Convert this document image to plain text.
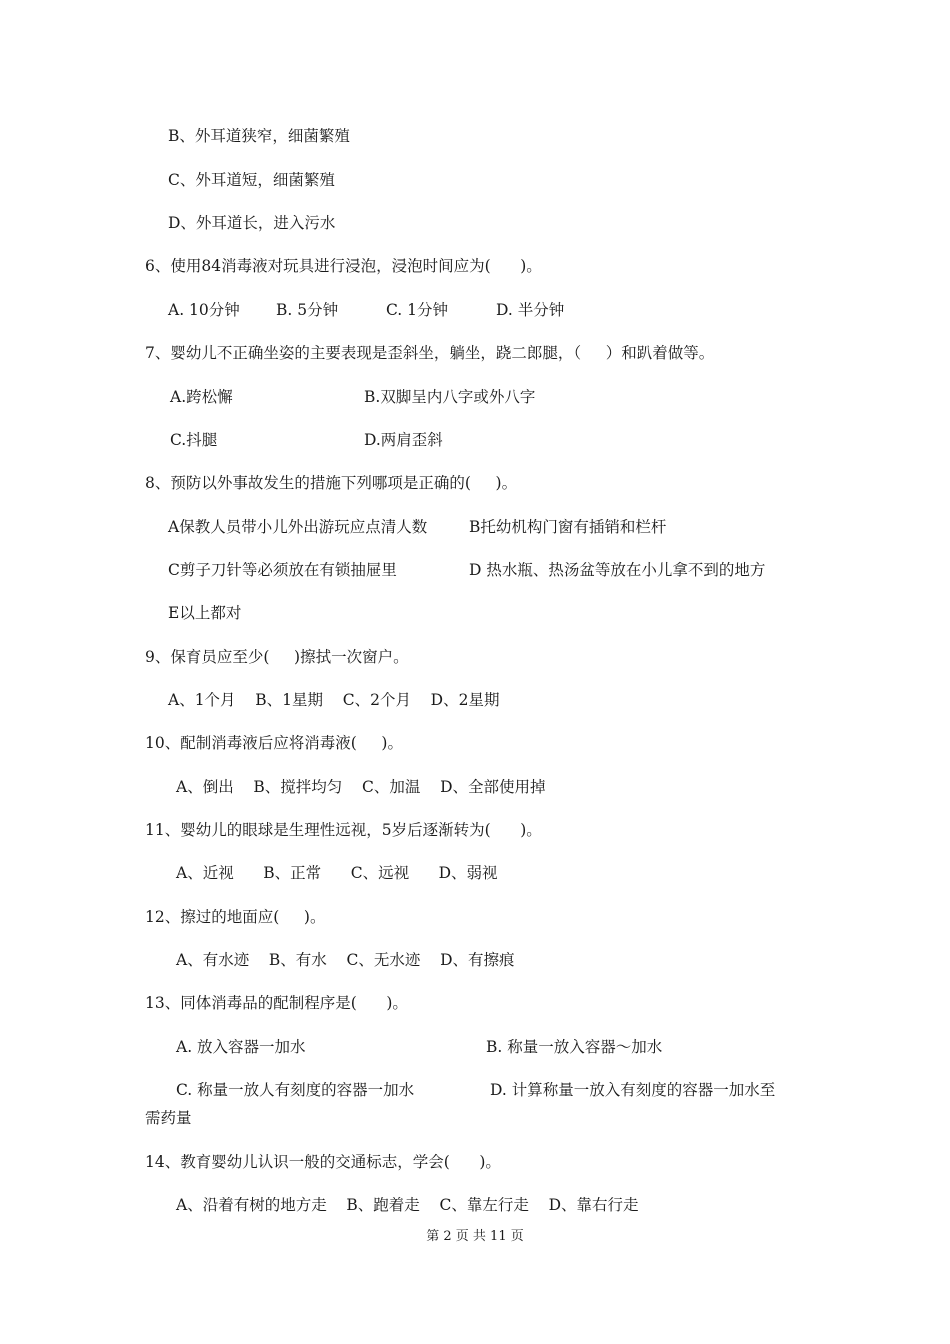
B、外耳道狭窄，细菌繁殖
C、外耳道短，细菌繁殖
D、外耳道长，进入污水
6、使用84消毒液对玩具进行浸泡，浸泡时间应为(      )。
A. 10分钟 B. 5分钟	C. 1分钟	D. 半分钟
7、婴幼儿不正确坐姿的主要表现是歪斜坐，躺坐，跷二郎腿，（     ）和趴着做等。
A.跨松懈	B.双脚呈内八字或外八字
C.抖腿	D.两肩歪斜
8、预防以外事故发生的措施下列哪项是正确的(     )。
A保教人员带小儿外出游玩应点清人数	B托幼机构门窗有插销和栏杆
C剪子刀针等必须放在有锁抽屉里	D 热水瓶、热汤盆等放在小儿拿不到的地方
E以上都对
9、保育员应至少(     )擦拭一次窗户。
A、1个月    B、1星期    C、2个月    D、2星期
10、配制消毒液后应将消毒液(     )。
A、倒出    B、搅拌均匀    C、加温    D、全部使用掉
11、婴幼儿的眼球是生理性远视，5岁后逐渐转为(      )。
A、近视      B、正常      C、远视      D、弱视
12、擦过的地面应(     )。
A、有水迹    B、有水    C、无水迹    D、有擦痕
13、同体消毒品的配制程序是(      )。
A. 放入容器一加水	B. 称量一放入容器～加水
C. 称量一放人有刻度的容器一加水	D. 计算称量一放入有刻度的容器一加水至
需药量
14、教育婴幼儿认识一般的交通标志，学会(      )。
A、沿着有树的地方走    B、跑着走    C、靠左行走    D、靠右行走
第 2 页 共 11 页
